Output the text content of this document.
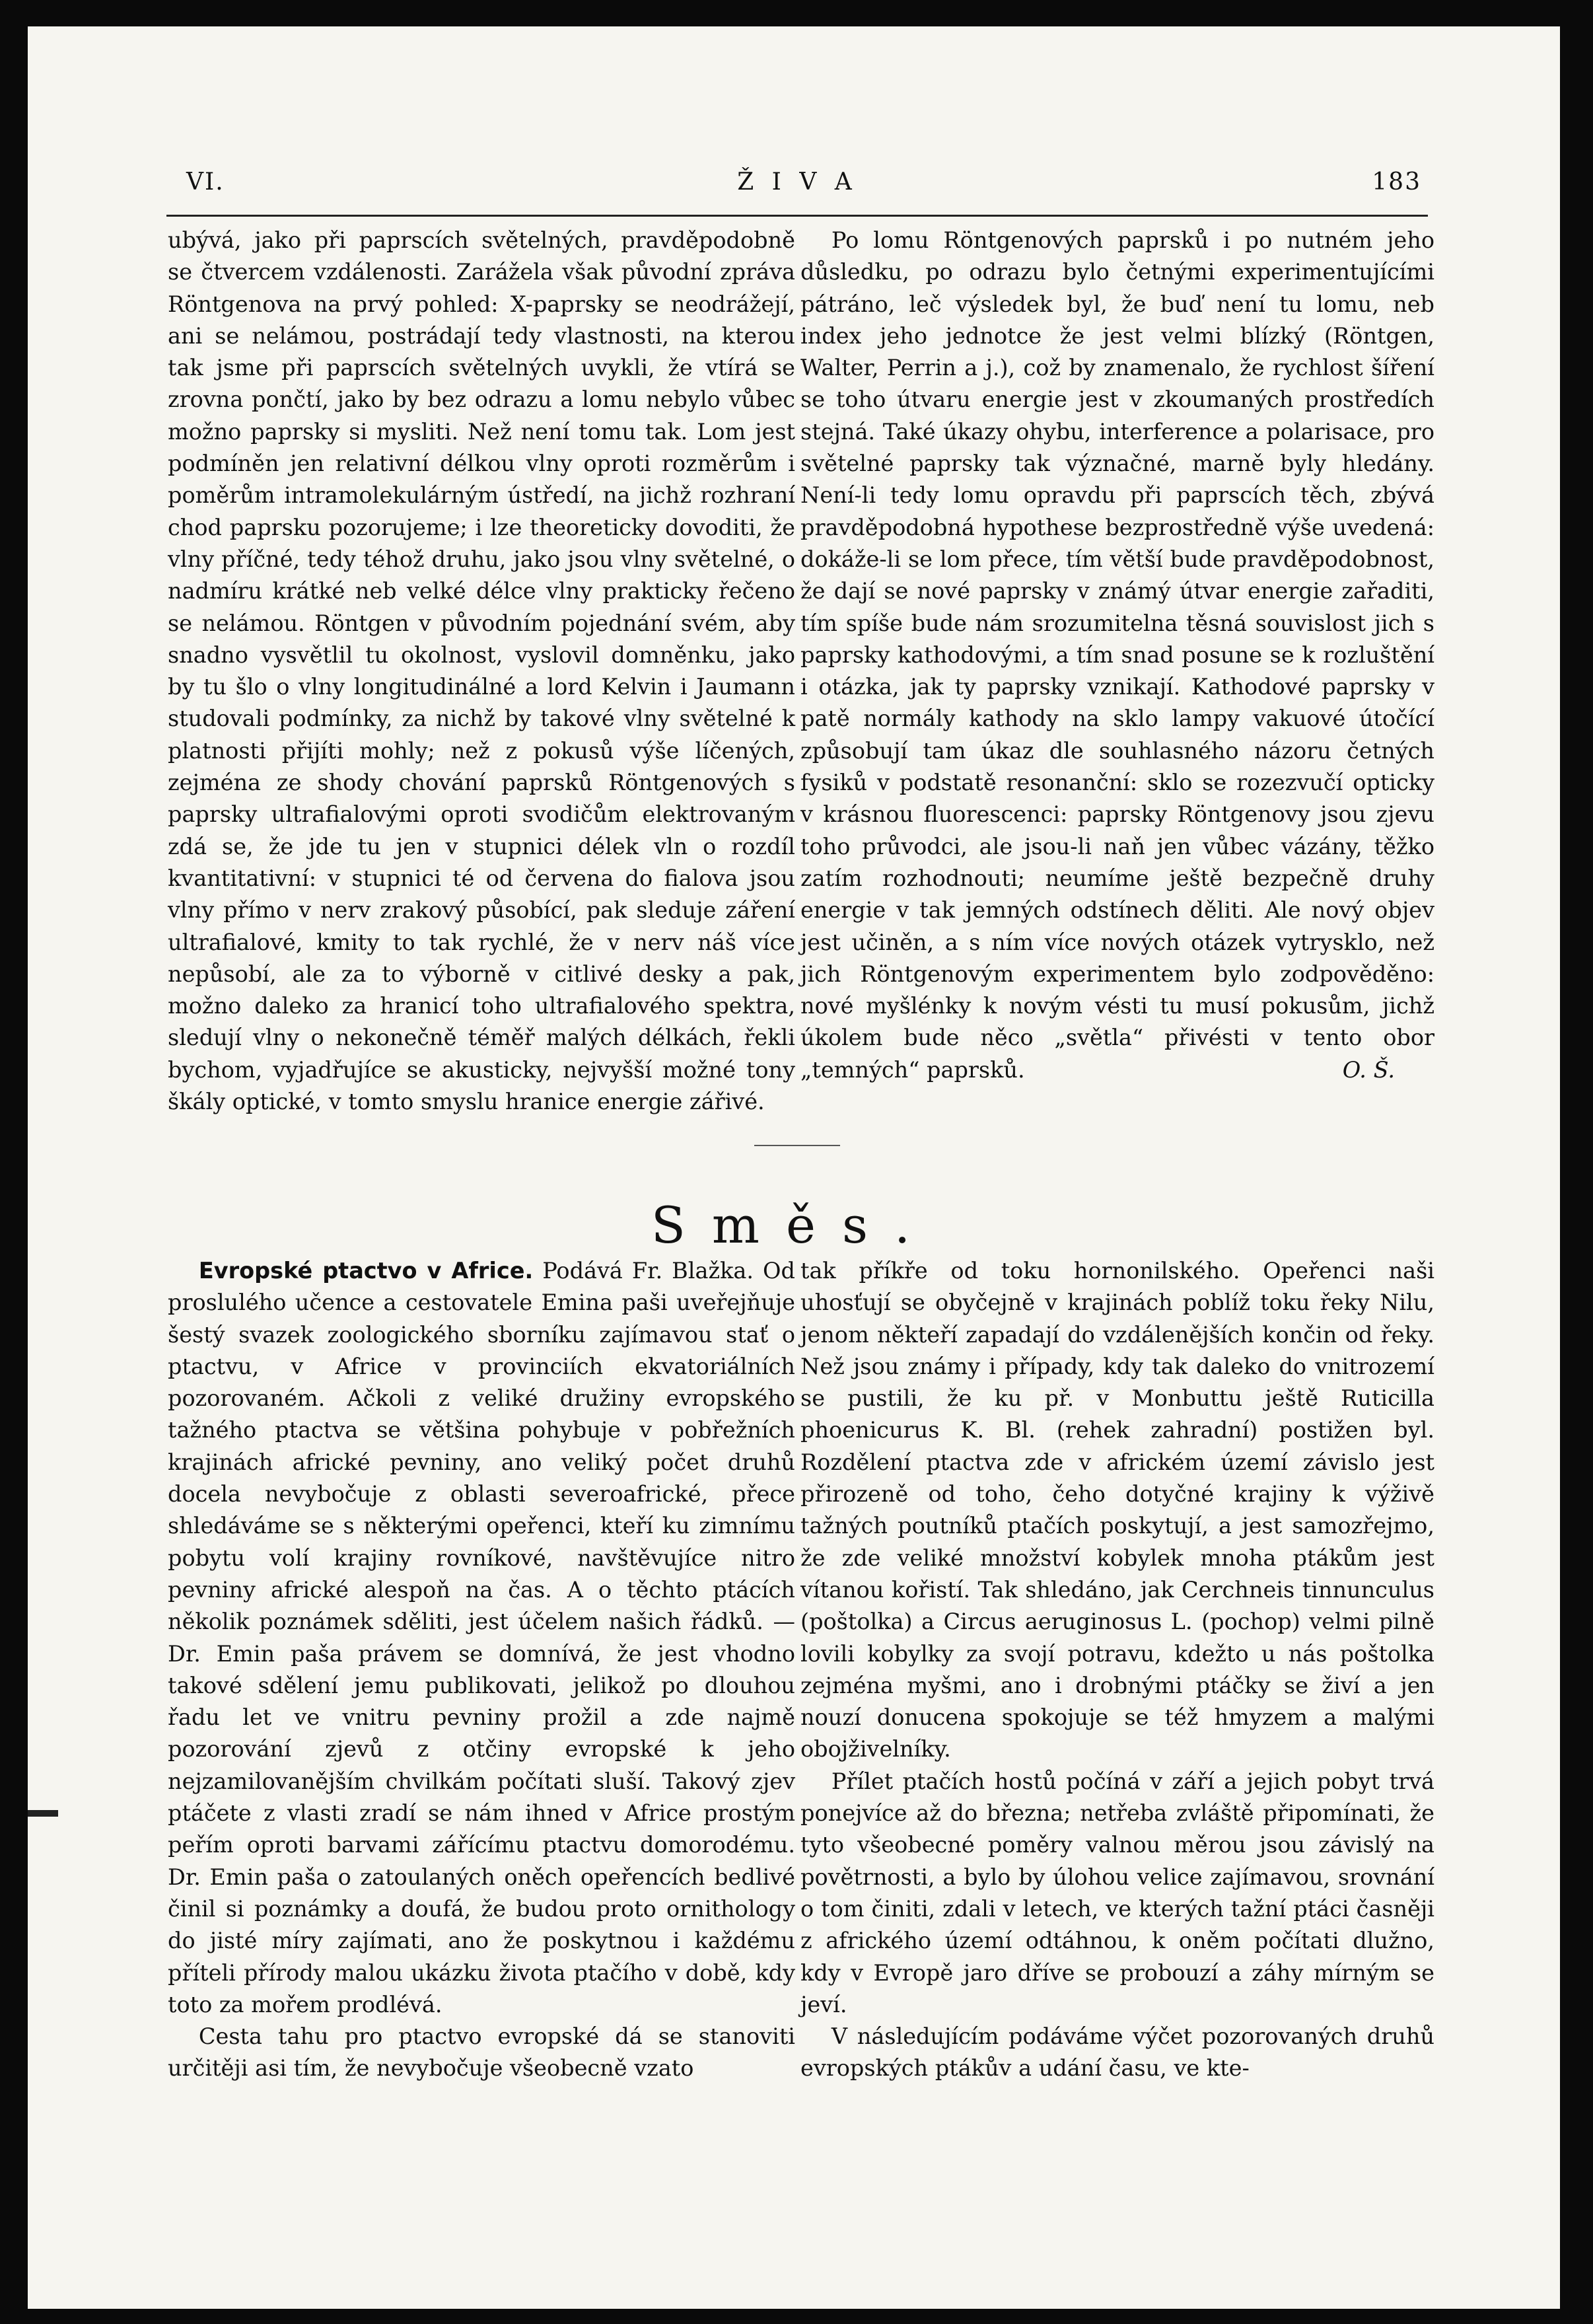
VI.	Ž I V A	183

ubývá, jako při paprscích světelných, pravděpodobně se čtvercem vzdálenosti. Zarážela však původní zpráva Röntgenova na prvý pohled: X-paprsky se neodrážejí, ani se nelámou, postrádají tedy vlastnosti, na kterou tak jsme při paprscích světelných uvykli, že vtírá se zrovna pončtí, jako by bez odrazu a lomu nebylo vůbec možno paprsky si mysliti. Než není tomu tak. Lom jest podmíněn jen relativní délkou vlny oproti rozměrům i poměrům intramolekulárným ústředí, na jichž rozhraní chod paprsku pozorujeme; i lze theoreticky dovoditi, že vlny příčné, tedy téhož druhu, jako jsou vlny světelné, o nadmíru krátké neb velké délce vlny prakticky řečeno se nelámou. Röntgen v původním pojednání svém, aby snadno vysvětlil tu okolnost, vyslovil domněnku, jako by tu šlo o vlny longitudinálné a lord Kelvin i Jaumann studovali podmínky, za nichž by takové vlny světelné k platnosti přijíti mohly; než z pokusů výše líčených, zejména ze shody chování paprsků Röntgenových s paprsky ultrafialovými oproti svodičům elektrovaným zdá se, že jde tu jen v stupnici délek vln o rozdíl kvantitativní: v stupnici té od červena do fialova jsou vlny přímo v nerv zrakový působící, pak sleduje záření ultrafialové, kmity to tak rychlé, že v nerv náš více nepůsobí, ale za to výborně v citlivé desky a pak, možno daleko za hranicí toho ultrafialového spektra, sledují vlny o nekonečně téměř malých délkách, řekli bychom, vyjadřujíce se akusticky, nejvyšší možné tony škály optické, v tomto smyslu hranice energie zářivé.

Po lomu Röntgenových paprsků i po nutném jeho důsledku, po odrazu bylo četnými experimentujícími pátráno, leč výsledek byl, že buď není tu lomu, neb index jeho jednotce že jest velmi blízký (Röntgen, Walter, Perrin a j.), což by znamenalo, že rychlost šíření se toho útvaru energie jest v zkoumaných prostředích stejná. Také úkazy ohybu, interference a polarisace, pro světelné paprsky tak význačné, marně byly hledány. Není-li tedy lomu opravdu při paprscích těch, zbývá pravděpodobná hypothese bezprostředně výše uvedená: dokáže-li se lom přece, tím větší bude pravděpodobnost, že dají se nové paprsky v známý útvar energie zařaditi, tím spíše bude nám srozumitelna těsná souvislost jich s paprsky kathodovými, a tím snad posune se k rozluštění i otázka, jak ty paprsky vznikají. Kathodové paprsky v patě normály kathody na sklo lampy vakuové útočící způsobují tam úkaz dle souhlasného názoru četných fysiků v podstatě resonanční: sklo se rozezvučí opticky v krásnou fluorescenci: paprsky Röntgenovy jsou zjevu toho průvodci, ale jsou-li naň jen vůbec vázány, těžko zatím rozhodnouti; neumíme ještě bezpečně druhy energie v tak jemných odstínech děliti. Ale nový objev jest učiněn, a s ním více nových otázek vytrysklo, než jich Röntgenovým experimentem bylo zodpověděno: nové myšlénky k novým vésti tu musí pokusům, jichž úkolem bude něco „světla“ přivésti v tento obor „temných“ paprsků.	O. Š.
Směs.

Evropské ptactvo v Africe. Podává Fr. Blažka. Od proslulého učence a cestovatele Emina paši uveřejňuje šestý svazek zoologického sborníku zajímavou stať o ptactvu, v Africe v provinciích ekvatoriálních pozorovaném. Ačkoli z veliké družiny evropského tažného ptactva se většina pohybuje v pobřežních krajinách africké pevniny, ano veliký počet druhů docela nevybočuje z oblasti severoafrické, přece shledáváme se s některými opeřenci, kteří ku zimnímu pobytu volí krajiny rovníkové, navštěvujíce nitro pevniny africké alespoň na čas. A o těchto ptácích několik poznámek sděliti, jest účelem našich řádků. — Dr. Emin paša právem se domnívá, že jest vhodno takové sdělení jemu publikovati, jelikož po dlouhou řadu let ve vnitru pevniny prožil a zde najmě pozorování zjevů z otčiny evropské k jeho nejzamilovanějším chvilkám počítati sluší. Takový zjev ptáčete z vlasti zradí se nám ihned v Africe prostým peřím oproti barvami zářícímu ptactvu domorodému. Dr. Emin paša o zatoulaných oněch opeřencích bedlivé činil si poznámky a doufá, že budou proto ornithology do jisté míry zajímati, ano že poskytnou i každému příteli přírody malou ukázku života ptačího v době, kdy toto za mořem prodlévá.

Cesta tahu pro ptactvo evropské dá se stanoviti určitěji asi tím, že nevybočuje všeobecně vzato

tak příkře od toku hornonilského. Opeřenci naši uhosťují se obyčejně v krajinách poblíž toku řeky Nilu, jenom někteří zapadají do vzdálenějších končin od řeky. Než jsou známy i případy, kdy tak daleko do vnitrozemí se pustili, že ku př. v Monbuttu ještě Ruticilla phoenicurus K. Bl. (rehek zahradní) postižen byl. Rozdělení ptactva zde v africkém území závislo jest přirozeně od toho, čeho dotyčné krajiny k výživě tažných poutníků ptačích poskytují, a jest samozřejmo, že zde veliké množství kobylek mnoha ptákům jest vítanou kořistí. Tak shledáno, jak Cerchneis tinnunculus (poštolka) a Circus aeruginosus L. (pochop) velmi pilně lovili kobylky za svojí potravu, kdežto u nás poštolka zejména myšmi, ano i drobnými ptáčky se živí a jen nouzí donucena spokojuje se též hmyzem a malými obojživelníky.

Přílet ptačích hostů počíná v září a jejich pobyt trvá ponejvíce až do března; netřeba zvláště připomínati, že tyto všeobecné poměry valnou měrou jsou závislý na povětrnosti, a bylo by úlohou velice zajímavou, srovnání o tom činiti, zdali v letech, ve kterých tažní ptáci časněji z afrického území odtáhnou, k oněm počítati dlužno, kdy v Evropě jaro dříve se probouzí a záhy mírným se jeví.

V následujícím podáváme výčet pozorovaných druhů evropských ptákův a udání času, ve kte-
